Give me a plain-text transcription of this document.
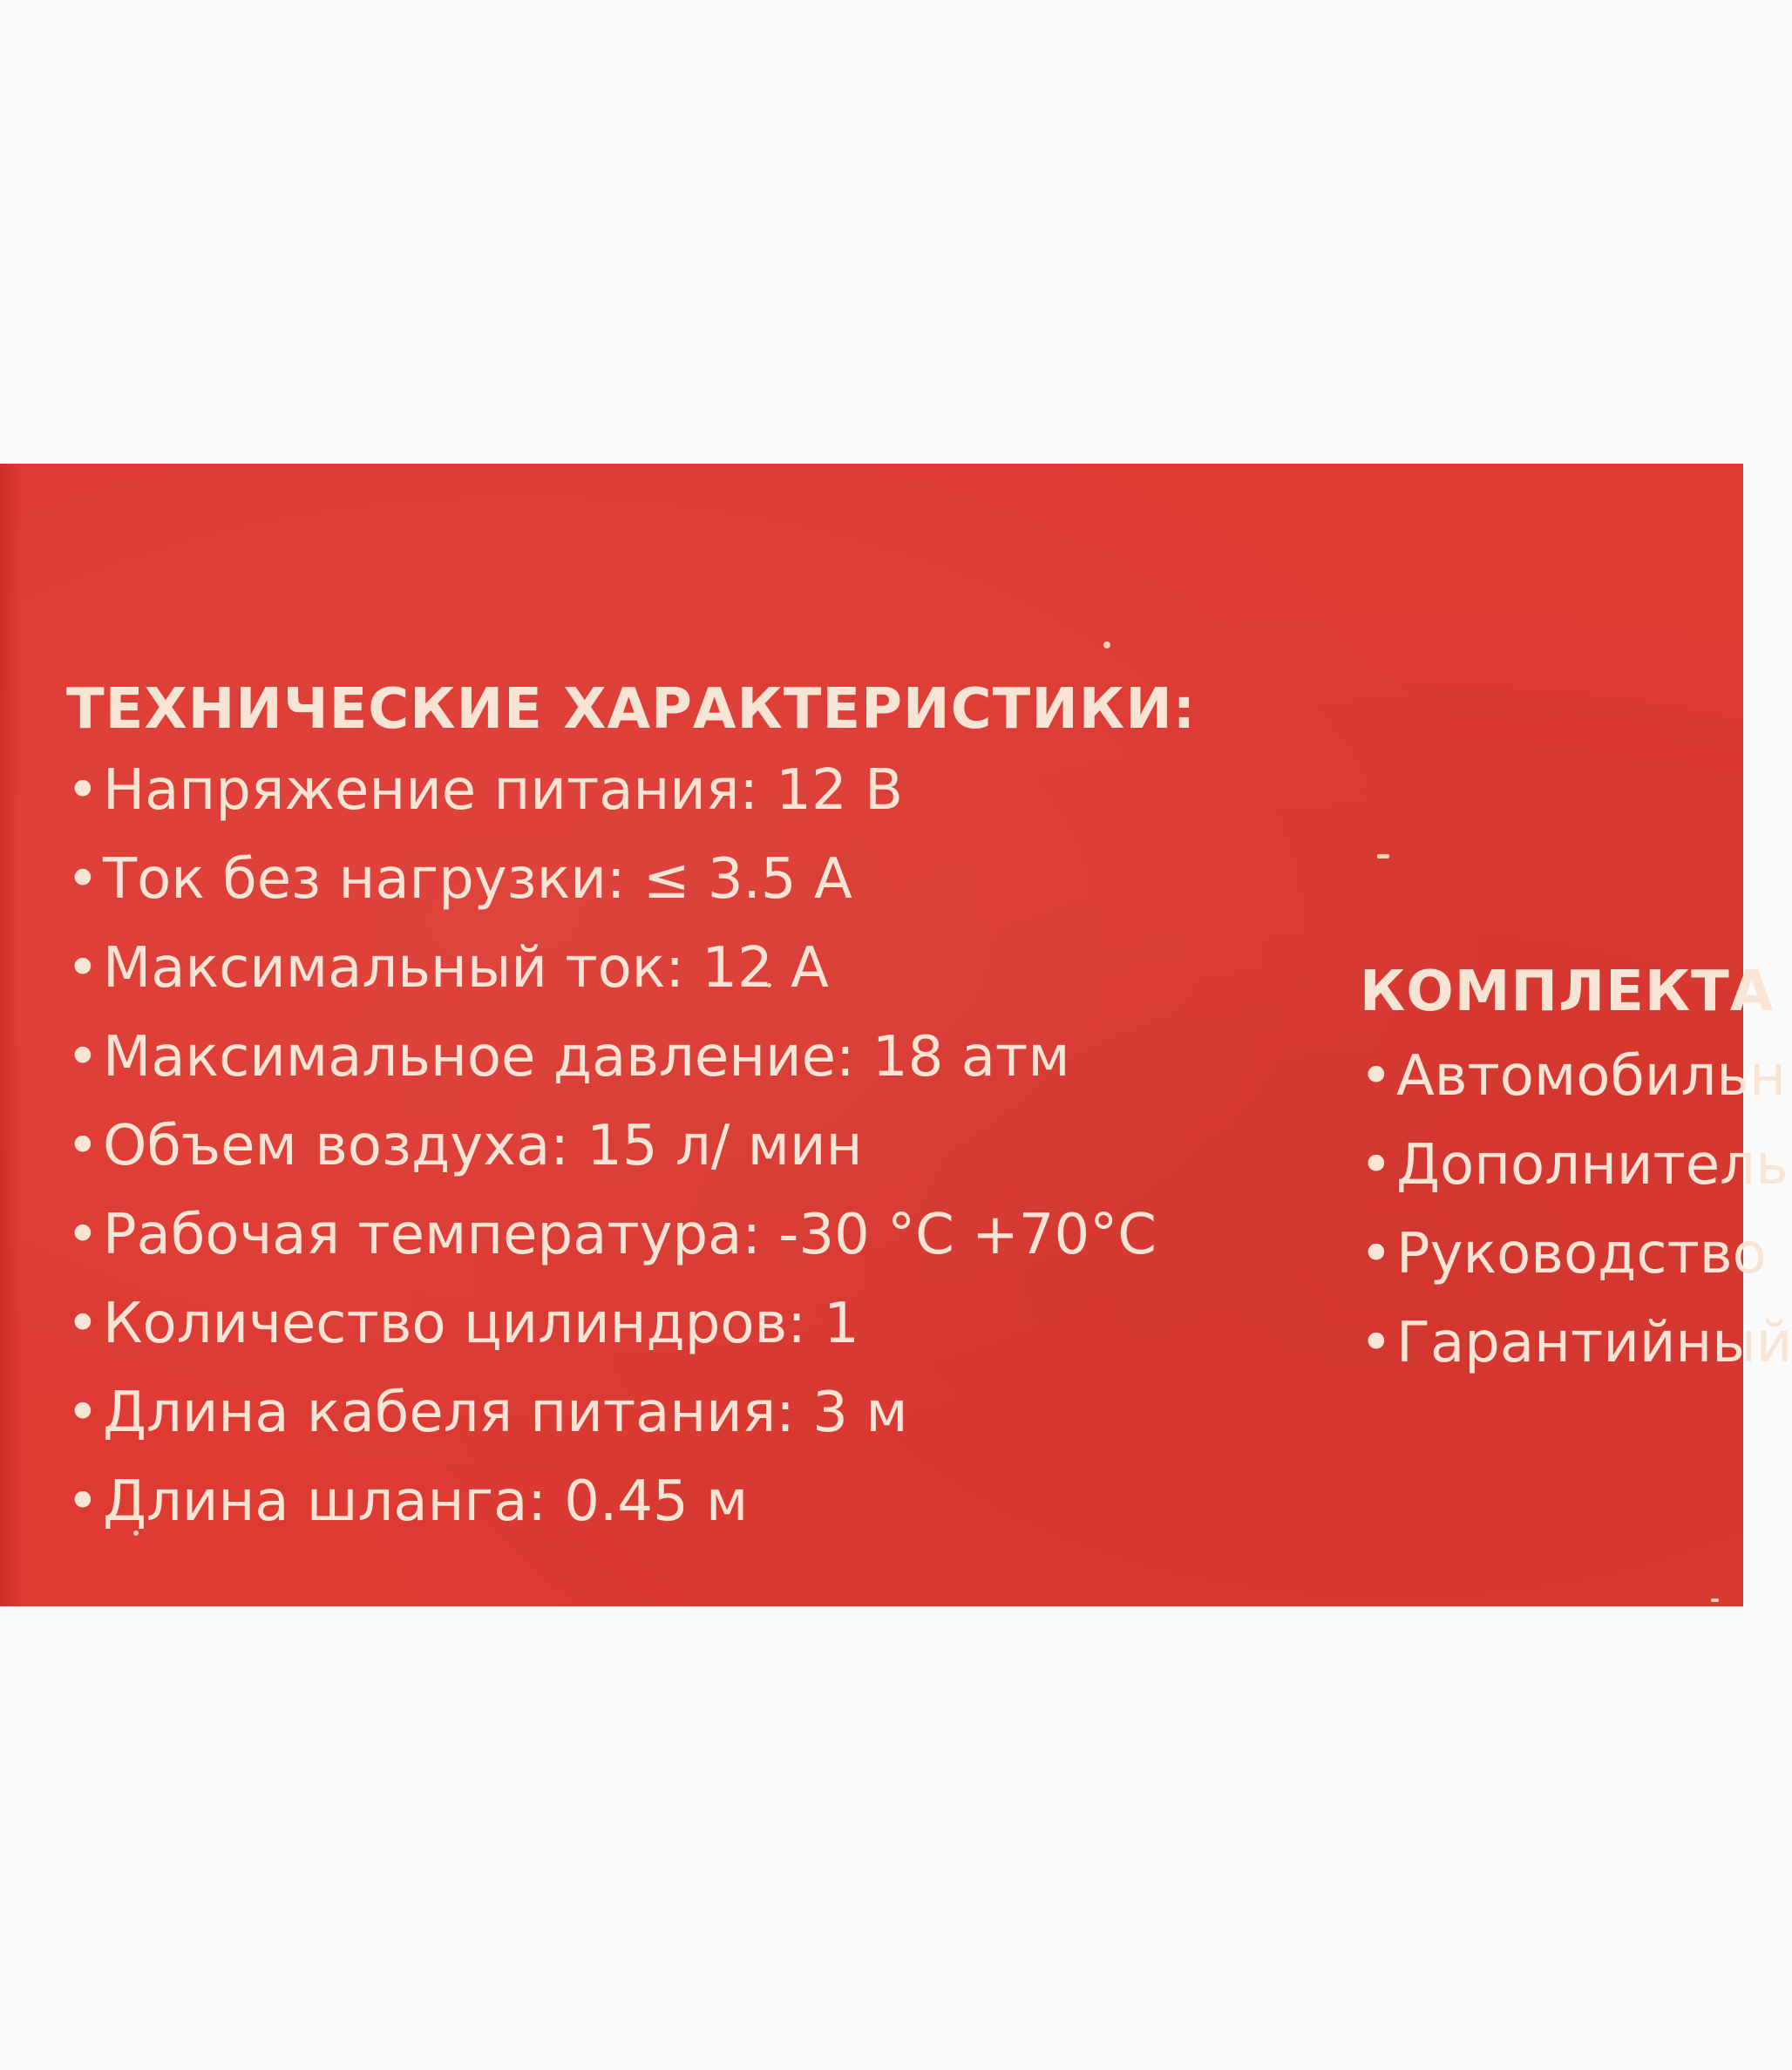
ТЕХНИЧЕСКИЕ ХАРАКТЕРИСТИКИ:
•Напряжение питания: 12 В
•Ток без нагрузки: ≤ 3.5 А
•Максимальный ток: 12 А
•Максимальное давление: 18 атм
•Объем воздуха: 15 л/ мин
•Рабочая температура: -30 °С +70°С
•Количество цилиндров: 1
•Длина кабеля питания: 3 м
•Длина шланга: 0.45 м
КОМПЛЕКТА
•Автомобильн
•Дополнитель
•Руководство
•Гарантийный
